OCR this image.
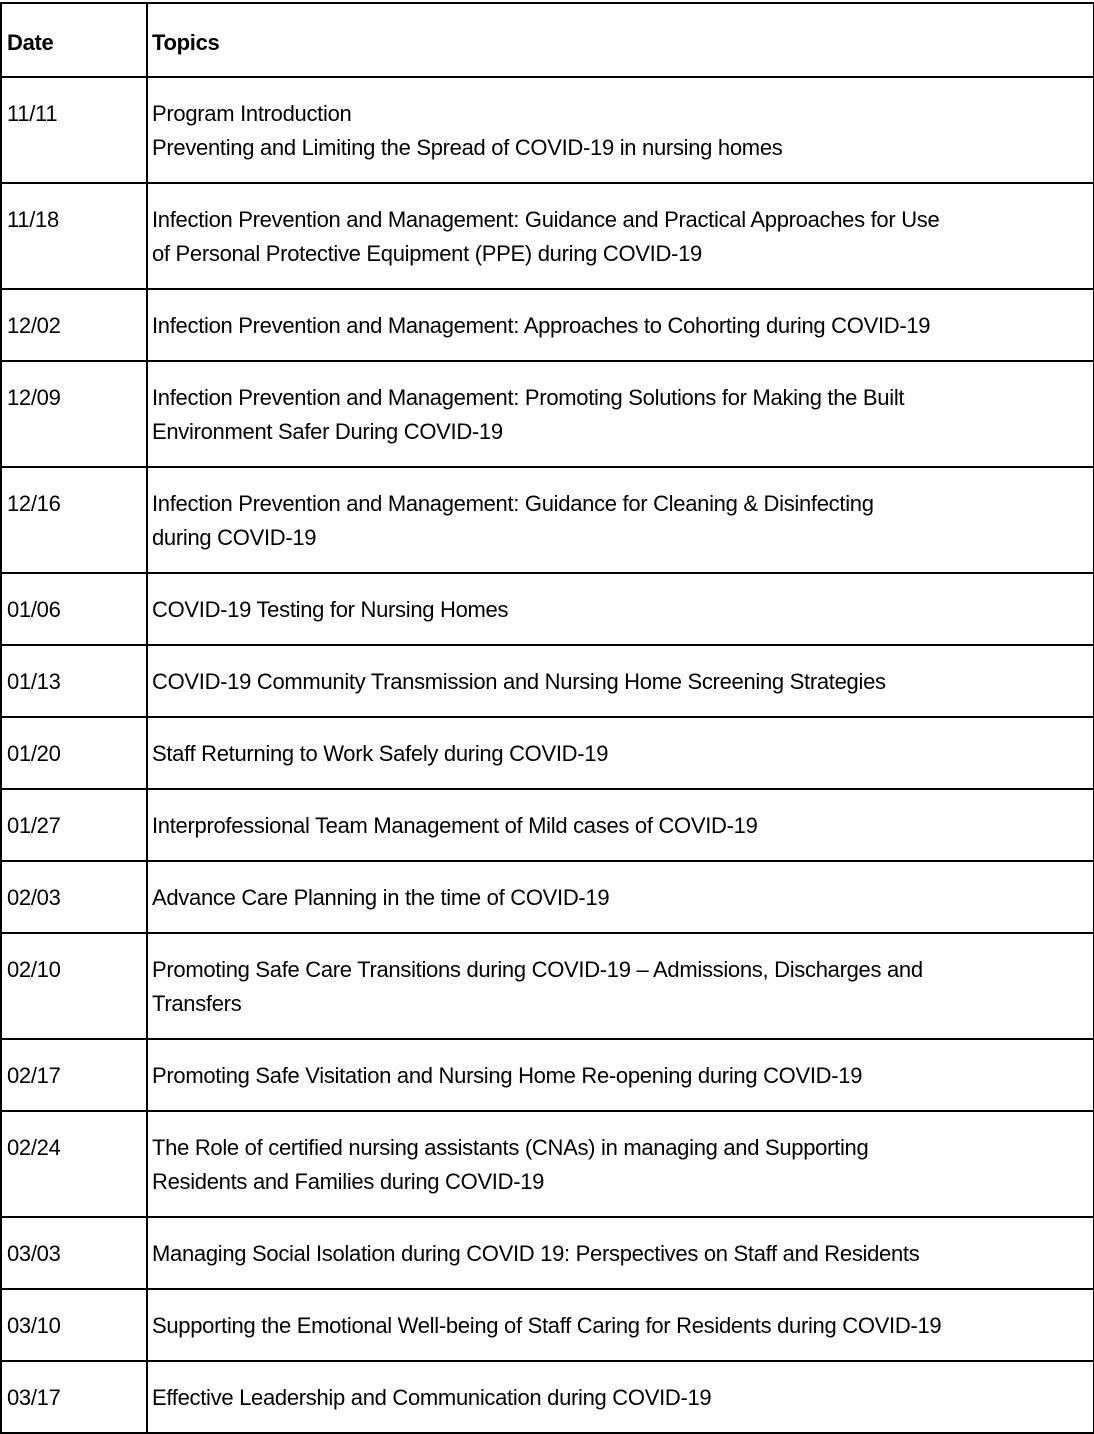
Date	Topics

11/11	Program Introduction
Preventing and Limiting the Spread of COVID-19 in nursing homes

11/18	Infection Prevention and Management: Guidance and Practical Approaches for Use
of Personal Protective Equipment (PPE) during COVID-19

12/02	Infection Prevention and Management: Approaches to Cohorting during COVID-19

12/09	Infection Prevention and Management: Promoting Solutions for Making the Built
Environment Safer During COVID-19

12/16	Infection Prevention and Management: Guidance for Cleaning & Disinfecting
during COVID-19

01/06	COVID-19 Testing for Nursing Homes

01/13	COVID-19 Community Transmission and Nursing Home Screening Strategies

01/20	Staff Returning to Work Safely during COVID-19

01/27	Interprofessional Team Management of Mild cases of COVID-19

02/03	Advance Care Planning in the time of COVID-19

02/10	Promoting Safe Care Transitions during COVID-19 – Admissions, Discharges and
Transfers

02/17	Promoting Safe Visitation and Nursing Home Re-opening during COVID-19

02/24	The Role of certified nursing assistants (CNAs) in managing and Supporting
Residents and Families during COVID-19

03/03	Managing Social Isolation during COVID 19: Perspectives on Staff and Residents

03/10	Supporting the Emotional Well-being of Staff Caring for Residents during COVID-19

03/17	Effective Leadership and Communication during COVID-19
